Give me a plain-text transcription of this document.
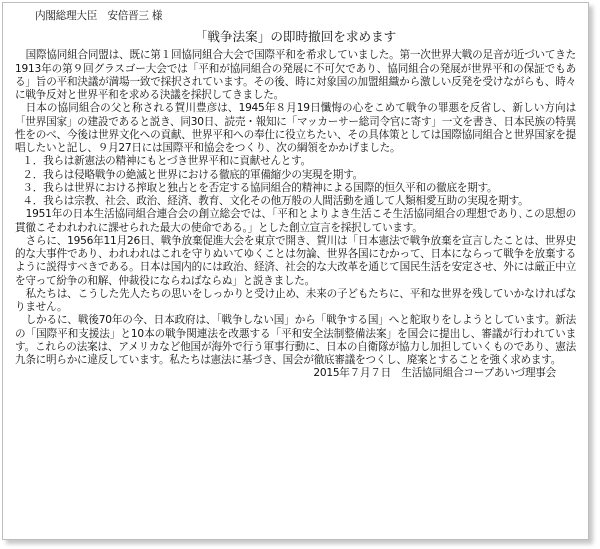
内閣総理大臣　安倍晋三 様
「戦争法案」の即時撤回を求めます

国際協同組合同盟は、既に第１回協同組合大会で国際平和を希求していました。第一次世界大戦の足音が近づいてきた1913年の第９回グラスゴー大会では「平和が協同組合の発展に不可欠であり、協同組合の発展が世界平和の保証でもある」旨の平和決議が満場一致で採択されています。その後、時に対象国の加盟組織から激しい反発を受けながらも、時々に戦争反対と世界平和を求める決議を採択してきました。

日本の協同組合の父と称される賀川豊彦は、1945年８月19日懺悔の心をこめて戦争の罪悪を反省し、新しい方向は「世界国家」の建設であると説き、同30日、読売・報知に「マッカーサー総司令官に寄す」一文を書き、日本民族の特異性をのべ、今後は世界文化への貢献、世界平和への奉仕に役立ちたい、その具体策としては国際協同組合と世界国家を提唱したいと記し、９月27日には国際平和協会をつくり、次の綱領をかかげました。

１．我らは新憲法の精神にもとづき世界平和に貢献せんとす。
２．我らは侵略戦争の絶滅と世界における徹底的軍備縮少の実現を期す。
３．我らは世界における搾取と独占とを否定する協同組合的精神による国際的恒久平和の徹底を期す。
４．我らは宗教、社会、政治、経済、教育、文化その他万般の人間活動を通して人類相愛互助の実現を期す。

1951年の日本生活協同組合連合会の創立総会では、「平和とよりよき生活こそ生活協同組合の理想であり､この思想の貫徹こそわれわれに課せられた最大の使命である。」とした創立宣言を採択しています。

さらに、1956年11月26日、戦争放棄促進大会を東京で開き、賀川は「日本憲法で戦争放棄を宣言したことは、世界史的な大事件であり、われわれはこれを守りぬいてゆくことは勿論、世界各国にむかって、日本にならって戦争を放棄するように説得すべきである。日本は国内的には政治、経済、社会的な大改革を通じて国民生活を安定させ、外には厳正中立を守って紛争の和解、仲裁役にならねばならぬ」と説きました。

私たちは、こうした先人たちの思いをしっかりと受け止め、未来の子どもたちに、平和な世界を残していかなければなりません。

しかるに、戦後70年の今、日本政府は、「戦争しない国」から「戦争する国」へと舵取りをしようとしています。新法の「国際平和支援法」と10本の戦争関連法を改悪する「平和安全法制整備法案」を国会に提出し、審議が行われています。これらの法案は、アメリカなど他国が海外で行う軍事行動に、日本の自衛隊が協力し加担していくものであり、憲法九条に明らかに違反しています。私たちは憲法に基づき、国会が徹底審議をつくし、廃案とすることを強く求めます。

2015年７月７日　生活協同組合コープあいづ理事会
